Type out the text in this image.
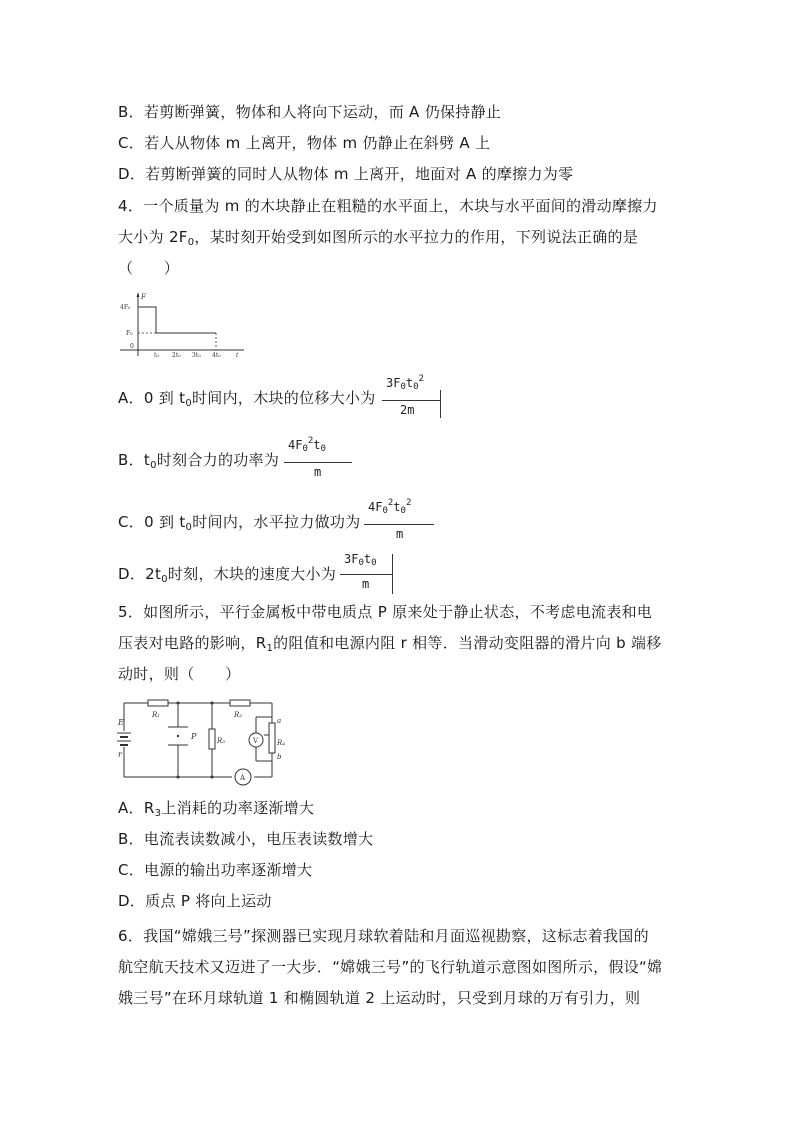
B．若剪断弹簧，物体和人将向下运动，而 A 仍保持静止
C．若人从物体 m 上离开，物体 m 仍静止在斜劈 A 上
D．若剪断弹簧的同时人从物体 m 上离开，地面对 A 的摩擦力为零
4．一个质量为 m 的木块静止在粗糙的水平面上，木块与水平面间的滑动摩擦力
大小为 $2F_0$，某时刻开始受到如图所示的水平拉力的作用，下列说法正确的是
（　　）
F
4F₀
F₀
0
t₀ 2t₀ 3t₀ 4t₀	t
A．0 到 $t_0$时间内，木块的位移大小为
$3F0t0^2$
2m
B．$t_0$时刻合力的功率为
$4F0^2t0$
m
C．0 到 $t_0$时间内，水平拉力做功为
$4F0^2t0^2$
m
D．$2t_0$时刻，木块的速度大小为
3F0t0
m
5．如图所示，平行金属板中带电质点 P 原来处于静止状态，不考虑电流表和电
压表对电路的影响，$R_1$的阻值和电源内阻 r 相等．当滑动变阻器的滑片向 b 端移
动时，则（　　）
E
r
R₁	R₂
R₃	R₄
P
a
b
V
A
A．$R_3$上消耗的功率逐渐增大
B．电流表读数减小，电压表读数增大
C．电源的输出功率逐渐增大
D．质点 P 将向上运动
6．我国“嫦娥三号”探测器已实现月球软着陆和月面巡视勘察，这标志着我国的
航空航天技术又迈进了一大步．“嫦娥三号”的飞行轨道示意图如图所示，假设“嫦
娥三号”在环月球轨道 1 和椭圆轨道 2 上运动时，只受到月球的万有引力，则
